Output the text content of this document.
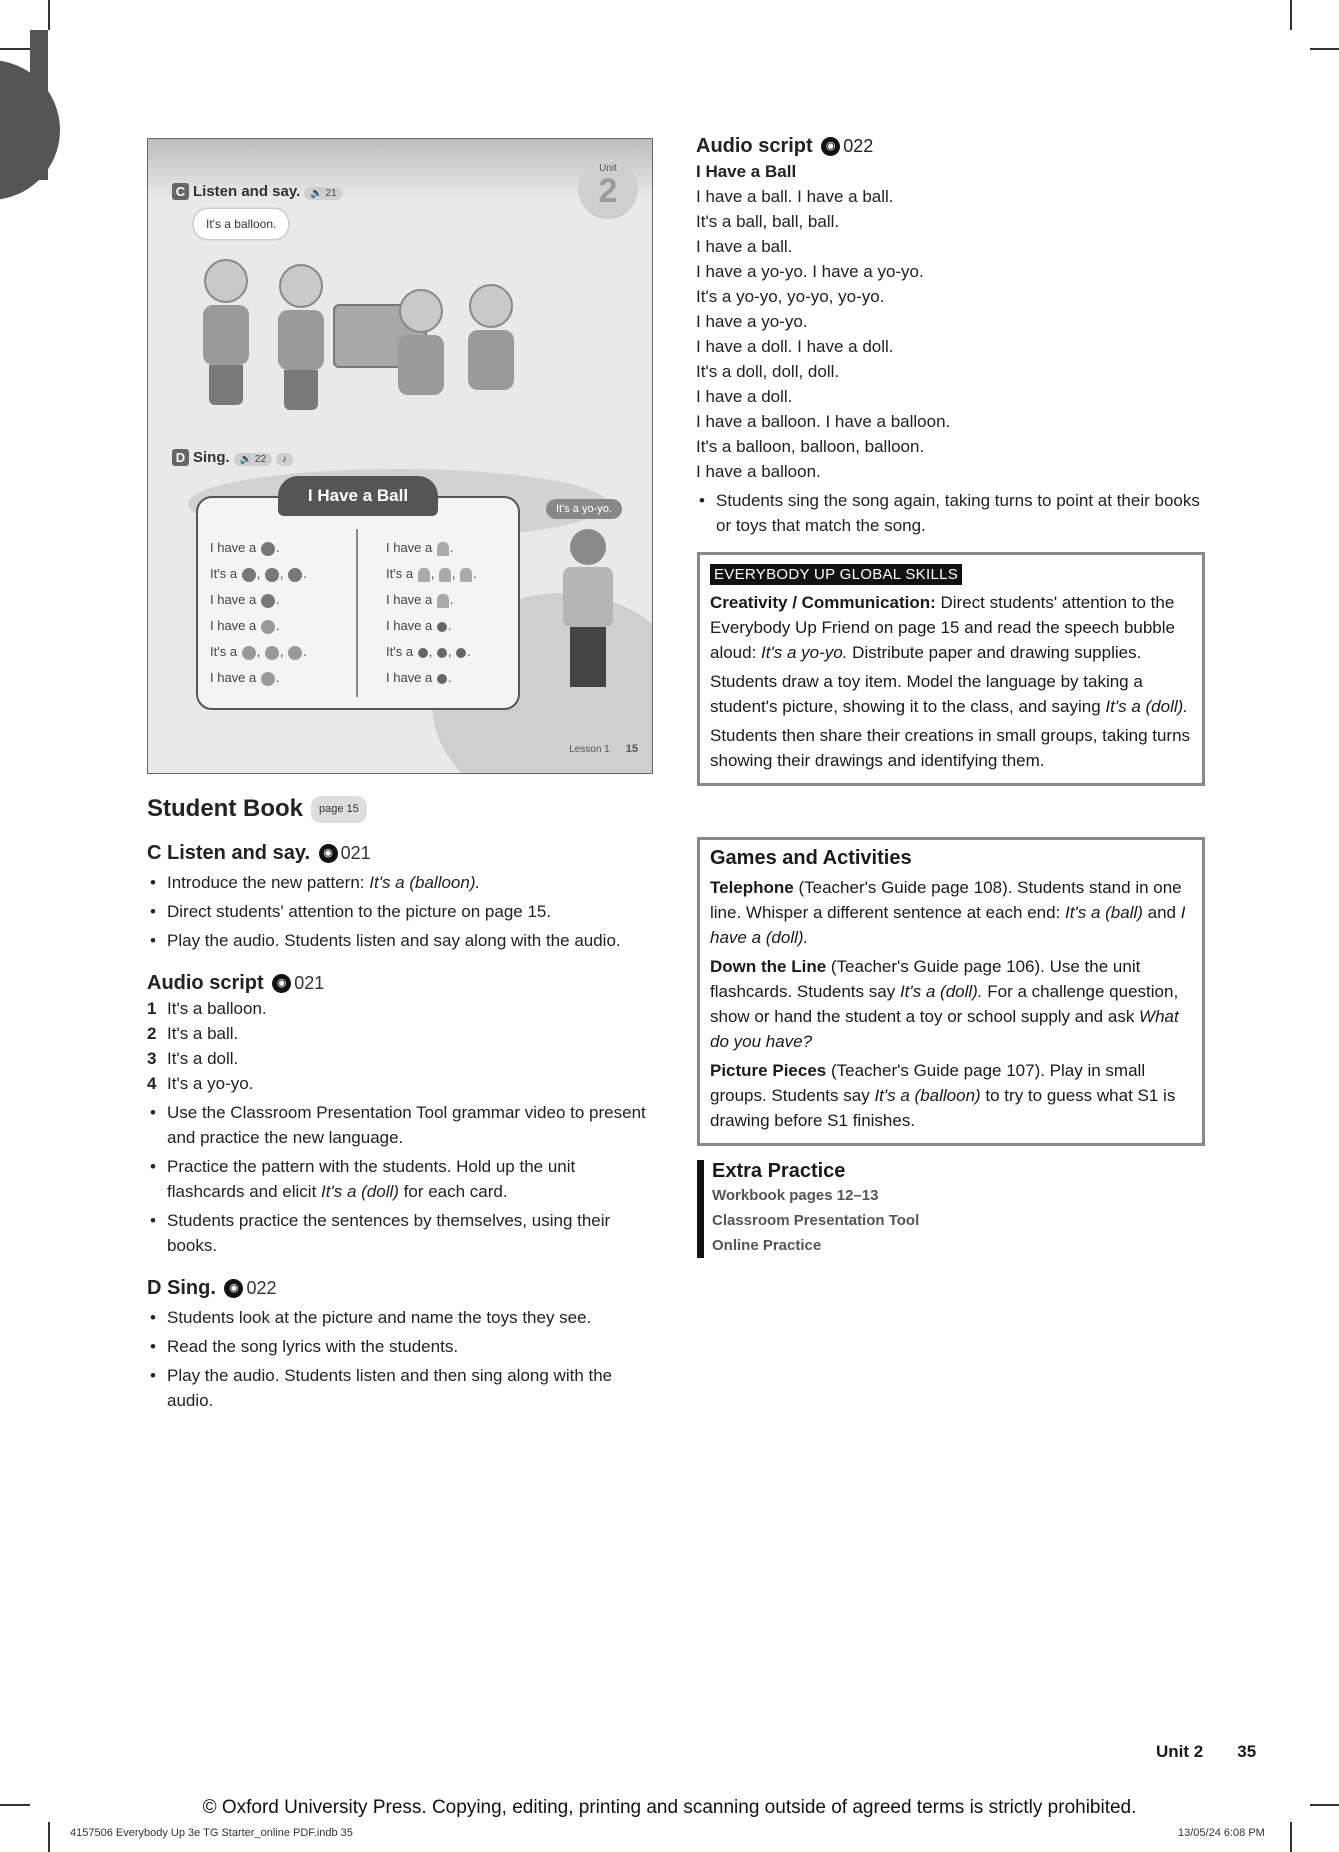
Unit
2
C Listen and say. 🔊 21
It's a balloon.
D Sing. 🔊 22 ♪
I Have a Ball
I have a .
It's a , , .
I have a .
I have a .
It's a , , .
I have a .
I have a .
It's a , , .
I have a .
I have a .
It's a , , .
I have a .
It's a yo-yo.
Lesson 1 15
Student Book page 15
C Listen and say. ◉ 021
• Introduce the new pattern: It's a (balloon).
• Direct students' attention to the picture on page 15.
• Play the audio. Students listen and say along with the audio.
Audio script ◉ 021
1 It's a balloon.
2 It's a ball.
3 It's a doll.
4 It's a yo-yo.
• Use the Classroom Presentation Tool grammar video to present and practice the new language.
• Practice the pattern with the students. Hold up the unit flashcards and elicit It's a (doll) for each card.
• Students practice the sentences by themselves, using their books.
D Sing. ◉ 022
• Students look at the picture and name the toys they see.
• Read the song lyrics with the students.
• Play the audio. Students listen and then sing along with the audio.
Audio script ◉ 022
I Have a Ball
I have a ball. I have a ball.
It's a ball, ball, ball.
I have a ball.
I have a yo-yo. I have a yo-yo.
It's a yo-yo, yo-yo, yo-yo.
I have a yo-yo.
I have a doll. I have a doll.
It's a doll, doll, doll.
I have a doll.
I have a balloon. I have a balloon.
It's a balloon, balloon, balloon.
I have a balloon.
• Students sing the song again, taking turns to point at their books or toys that match the song.

EVERYBODY UP GLOBAL SKILLS

Creativity / Communication: Direct students' attention to the Everybody Up Friend on page 15 and read the speech bubble aloud: It's a yo-yo. Distribute paper and drawing supplies.

Students draw a toy item. Model the language by taking a student's picture, showing it to the class, and saying It's a (doll).

Students then share their creations in small groups, taking turns showing their drawings and identifying them.

Games and Activities

Telephone (Teacher's Guide page 108). Students stand in one line. Whisper a different sentence at each end: It's a (ball) and I have a (doll).

Down the Line (Teacher's Guide page 106). Use the unit flashcards. Students say It's a (doll). For a challenge question, show or hand the student a toy or school supply and ask What do you have?

Picture Pieces (Teacher's Guide page 107). Play in small groups. Students say It's a (balloon) to try to guess what S1 is drawing before S1 finishes.

Extra Practice
Workbook pages 12–13
Classroom Presentation Tool
Online Practice
Unit 2 35
© Oxford University Press. Copying, editing, printing and scanning outside of agreed terms is strictly prohibited.
4157506 Everybody Up 3e TG Starter_online PDF.indb 35	13/05/24 6:08 PM
